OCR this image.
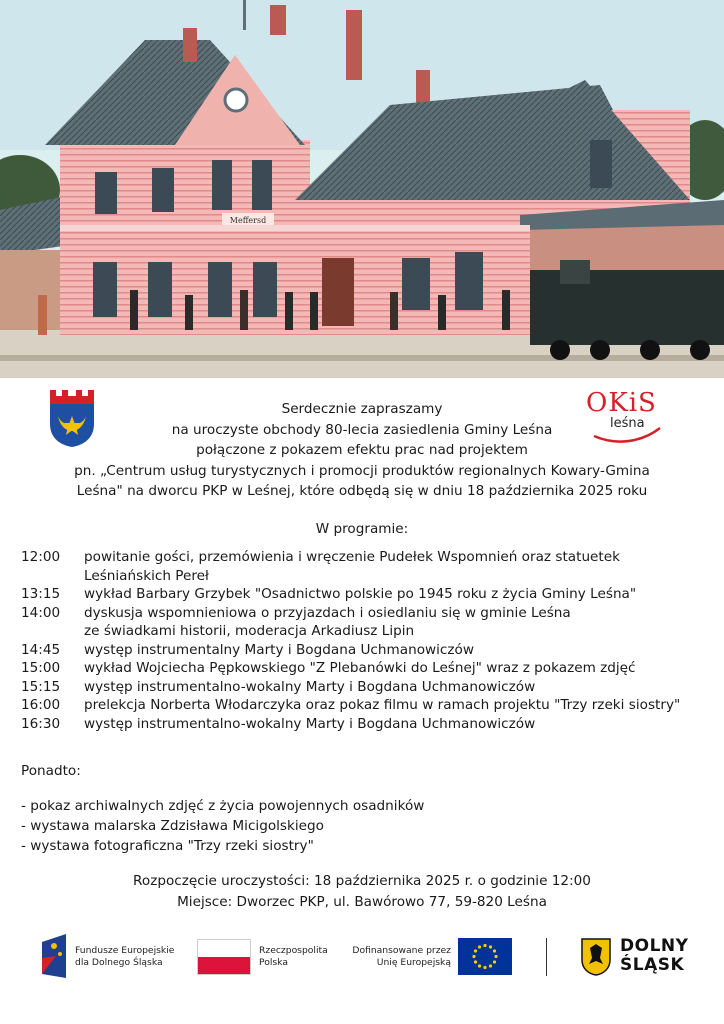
Meffersd
OKiS
leśna
Serdecznie zapraszamy
na uroczyste obchody 80-lecia zasiedlenia Gminy Leśna
połączone z pokazem efektu prac nad projektem
pn. „Centrum usług turystycznych i promocji produktów regionalnych Kowary-Gmina
Leśna" na dworcu PKP w Leśnej, które odbędą się w dniu 18 października 2025 roku
W programie:
12:00	powitanie gości, przemówienia i wręczenie Pudełek Wspomnień oraz statuetek
Leśniańskich Pereł
13:15	wykład Barbary Grzybek "Osadnictwo polskie po 1945 roku z życia Gminy Leśna"
14:00	dyskusja wspomnieniowa o przyjazdach i osiedlaniu się w gminie Leśna
ze świadkami historii, moderacja Arkadiusz Lipin
14:45	występ instrumentalny Marty i Bogdana Uchmanowiczów
15:00	wykład Wojciecha Pępkowskiego "Z Plebanówki do Leśnej" wraz z pokazem zdjęć
15:15	występ instrumentalno-wokalny Marty i Bogdana Uchmanowiczów
16:00	prelekcja Norberta Włodarczyka oraz pokaz filmu w ramach projektu "Trzy rzeki siostry"
16:30	występ instrumentalno-wokalny Marty i Bogdana Uchmanowiczów
Ponadto:
- pokaz archiwalnych zdjęć z życia powojennych osadników
- wystawa malarska Zdzisława Micigolskiego
- wystawa fotograficzna "Trzy rzeki siostry"
Rozpoczęcie uroczystości: 18 października 2025 r. o godzinie 12:00
Miejsce: Dworzec PKP, ul. Bawórowo 77, 59-820 Leśna
Fundusze Europejskie
dla Dolnego Śląska
Rzeczpospolita
Polska
Dofinansowane przez
Unię Europejską
DOLNY
ŚLĄSK
